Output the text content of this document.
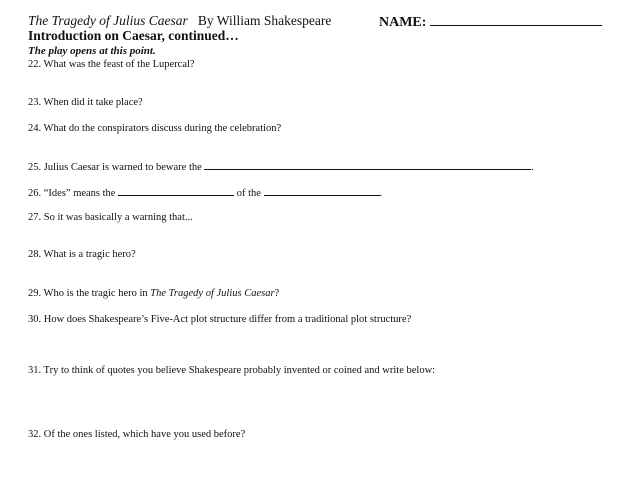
The Tragedy of Julius Caesar By William Shakespeare	NAME:
Introduction on Caesar, continued…
The play opens at this point.
22. What was the feast of the Lupercal?
23. When did it take place?
24. What do the conspirators discuss during the celebration?
25. Julius Caesar is warned to beware the	.
26. “Ides” means the	of the	.
27. So it was basically a warning that...
28. What is a tragic hero?
29. Who is the tragic hero in The Tragedy of Julius Caesar?
30. How does Shakespeare’s Five-Act plot structure differ from a traditional plot structure?
31. Try to think of quotes you believe Shakespeare probably invented or coined and write below:
32. Of the ones listed, which have you used before?
